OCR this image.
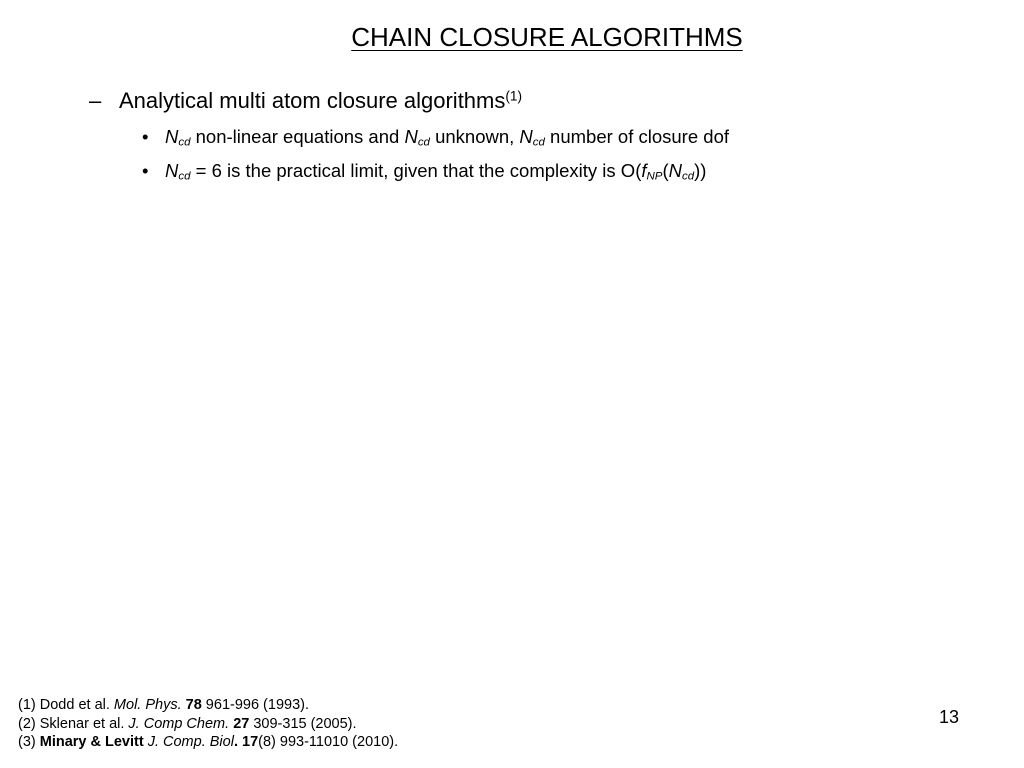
CHAIN CLOSURE ALGORITHMS
– Analytical multi atom closure algorithms$^{(1)}$
• $N_{cd}$ non-linear equations and $N_{cd}$ unknown, $N_{cd}$ number of closure dof
• $N_{cd} = 6$ is the practical limit, given that the complexity is $O(f_{NP}(N_{cd}))$
(1) Dodd et al. Mol. Phys. 78 961-996 (1993).
(2) Sklenar et al. J. Comp Chem. 27 309-315 (2005).
(3) Minary & Levitt J. Comp. Biol. 17(8) 993-11010 (2010).
13
